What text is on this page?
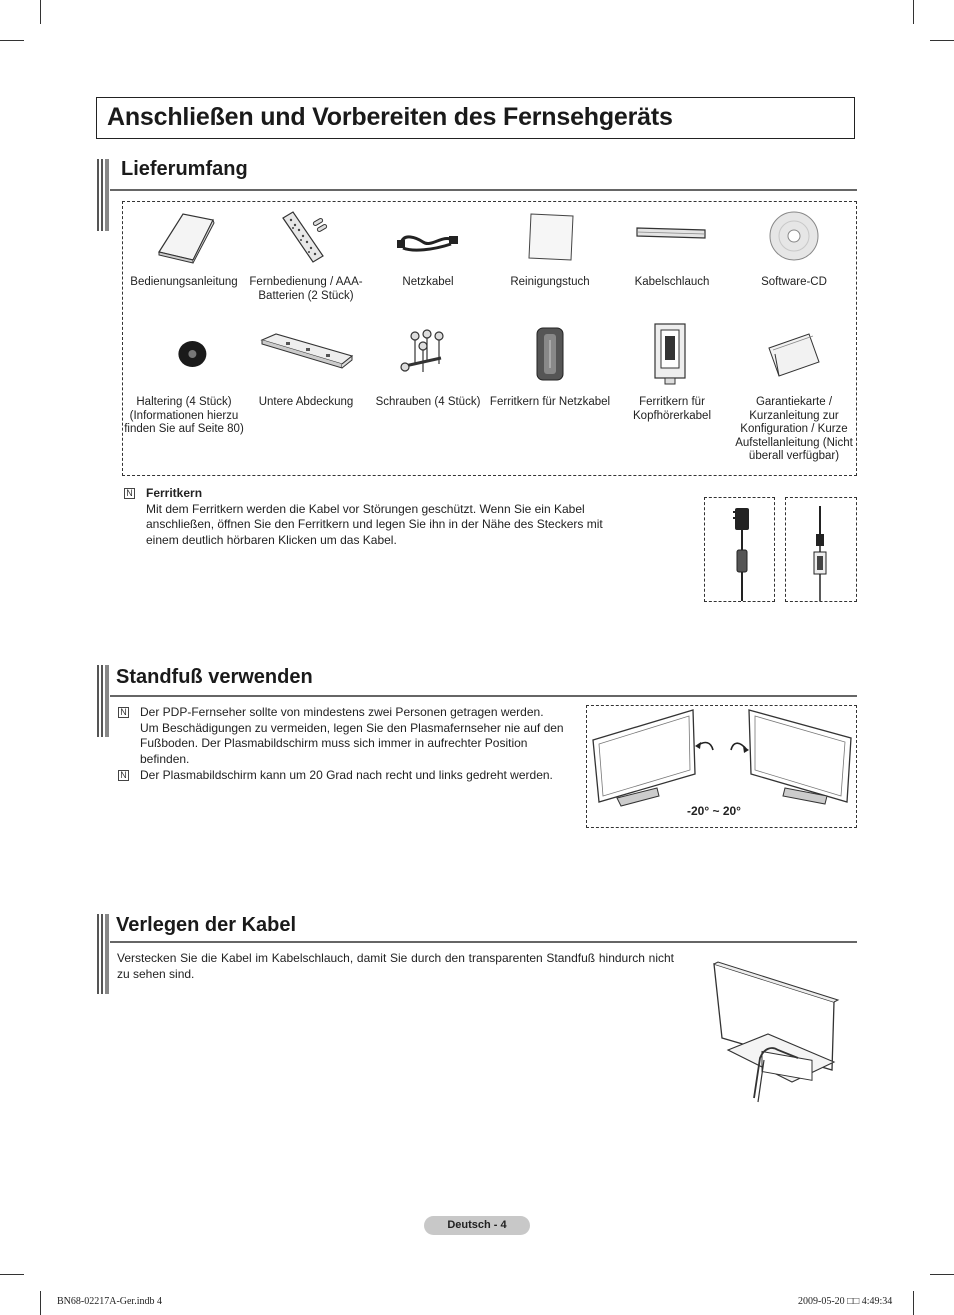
Anschließen und Vorbereiten des Fernsehgeräts
Lieferumfang
Bedienungsanleitung	Fernbedienung / AAA-Batterien (2 Stück)
Netzkabel	Reinigungstuch	Kabelschlauch	Software-CD
Haltering (4 Stück) (Informationen hierzu finden Sie auf Seite 80)
Untere Abdeckung	Schrauben (4 Stück) Ferritkern für Netzkabel	Ferritkern für Kopfhörerkabel
Garantiekarte / Kurzanleitung zur Konfiguration / Kurze Aufstellanleitung (Nicht überall verfügbar)
N Ferritkern
Mit dem Ferritkern werden die Kabel vor Störungen geschützt. Wenn Sie ein Kabel anschließen, öffnen Sie den Ferritkern und legen Sie ihn in der Nähe des Steckers mit einem deutlich hörbaren Klicken um das Kabel.
Standfuß verwenden
N Der PDP-Fernseher sollte von mindestens zwei Personen getragen werden. Um Beschädigungen zu vermeiden, legen Sie den Plasmafernseher nie auf den Fußboden. Der Plasmabildschirm muss sich immer in aufrechter Position befinden.
N Der Plasmabildschirm kann um 20 Grad nach recht und links gedreht werden.
-20° ~ 20°
Verlegen der Kabel
Verstecken Sie die Kabel im Kabelschlauch, damit Sie durch den transparenten Standfuß hindurch nicht zu sehen sind.
Deutsch - 4
BN68-02217A-Ger.indb 4	2009-05-20 □□ 4:49:34
